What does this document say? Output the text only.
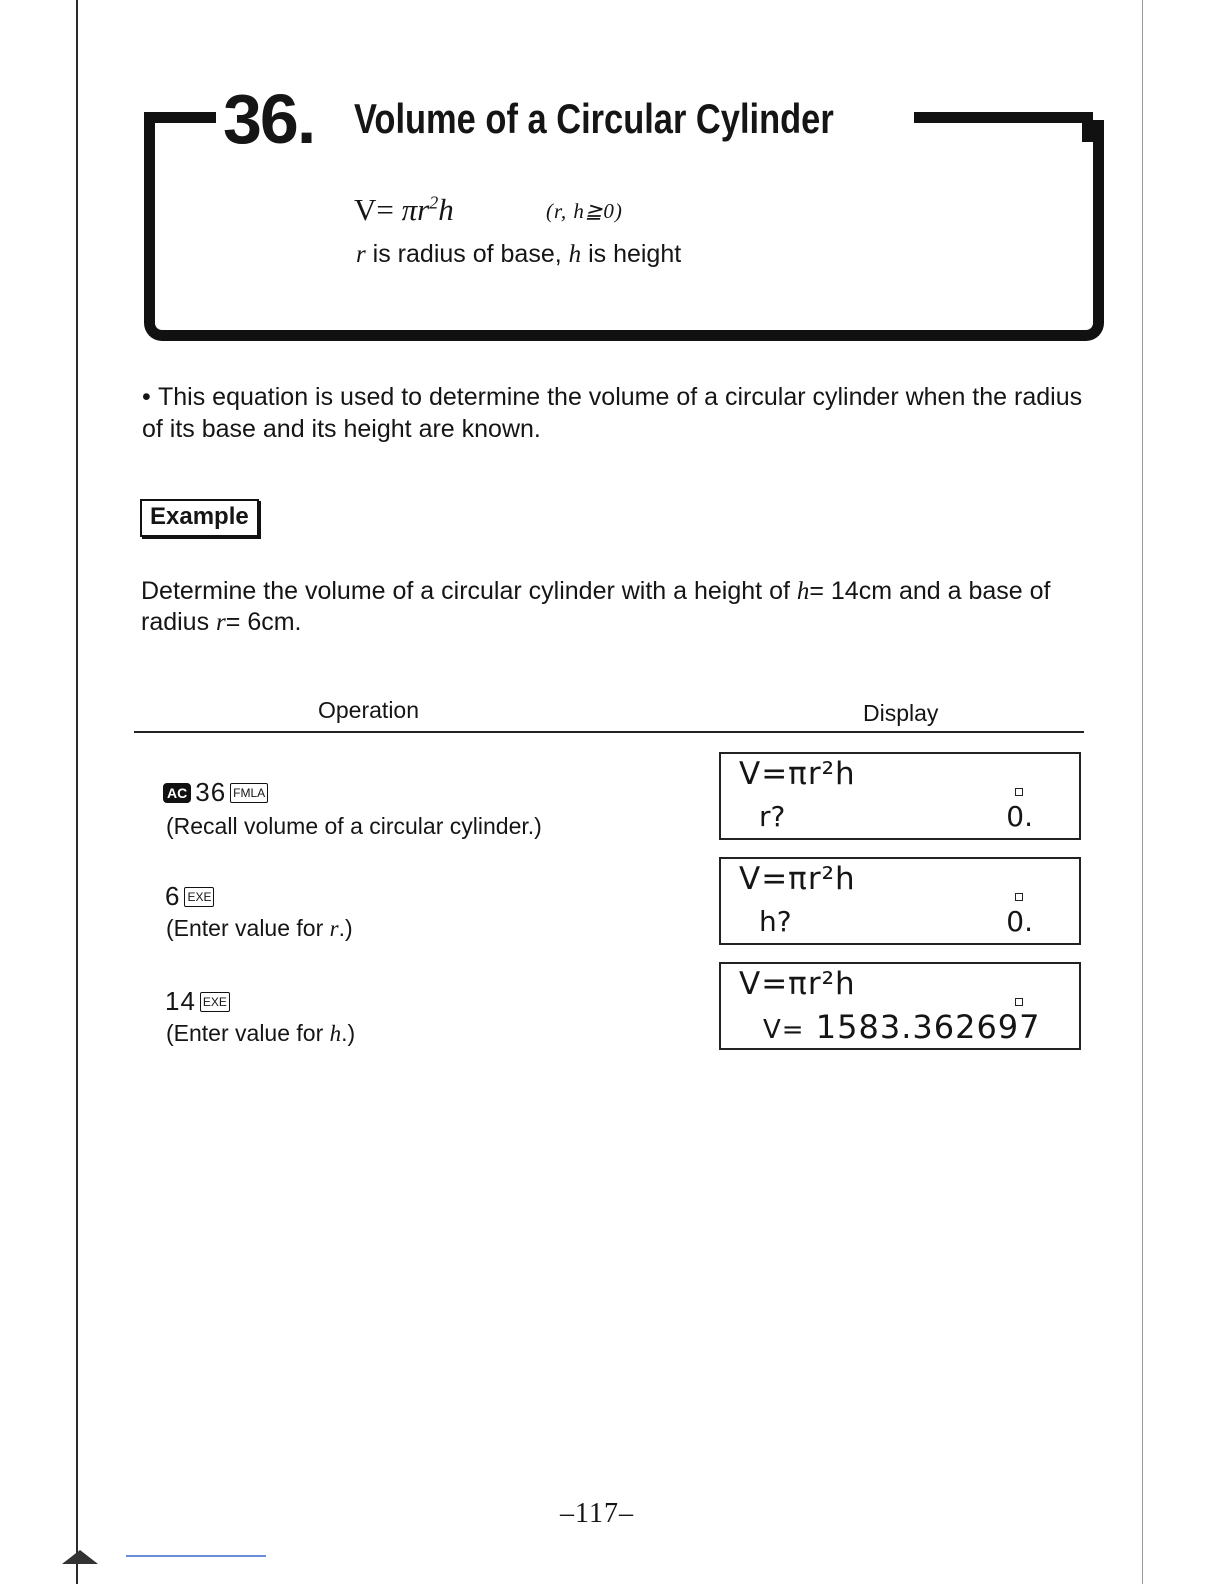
36. Volume of a Circular Cylinder
$V= \pi r^2h$	(r, h≧0)
r is radius of base, h is height
• This equation is used to determine the volume of a circular cylinder when the radius of its base and its height are known.
Example
Determine the volume of a circular cylinder with a height of h= 14cm and a base of radius r= 6cm.
Operation	Display
AC 36 FMLA
(Recall volume of a circular cylinder.)
V=πr²h
r?	0.
6 EXE
(Enter value for r.)
V=πr²h
h?	0.
14 EXE
(Enter value for h.)
V=πr²h
V= 1583.362697
–117–
